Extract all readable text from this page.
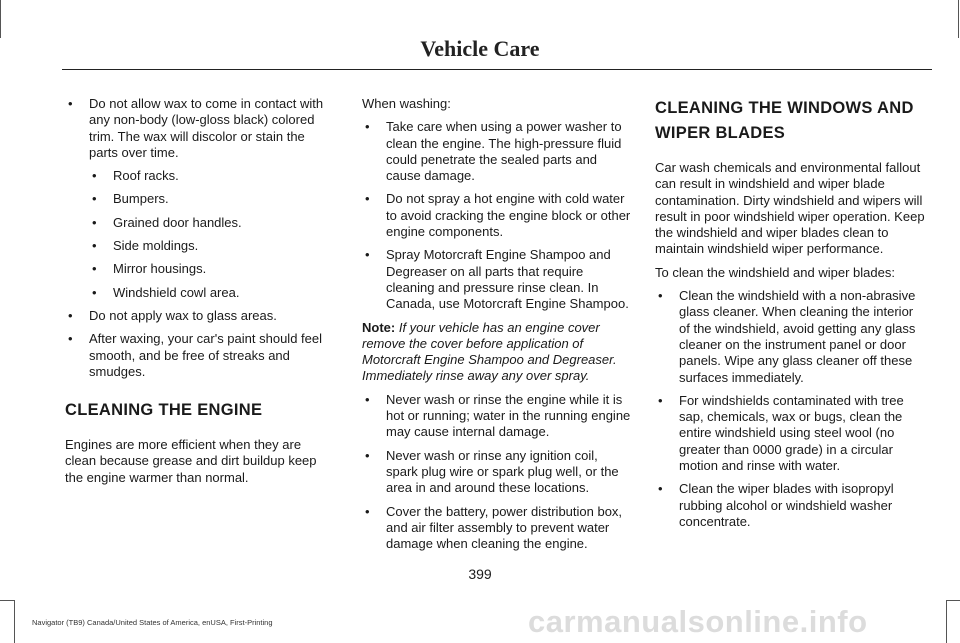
Vehicle Care
• Do not allow wax to come in contact with any non-body (low-gloss black) colored trim. The wax will discolor or stain the parts over time.
• Roof racks.
• Bumpers.
• Grained door handles.
• Side moldings.
• Mirror housings.
• Windshield cowl area.
• Do not apply wax to glass areas.
• After waxing, your car's paint should feel smooth, and be free of streaks and smudges.
CLEANING THE ENGINE

Engines are more efficient when they are clean because grease and dirt buildup keep the engine warmer than normal.

When washing:

• Take care when using a power washer to clean the engine. The high-pressure fluid could penetrate the sealed parts and cause damage.
• Do not spray a hot engine with cold water to avoid cracking the engine block or other engine components.
• Spray Motorcraft Engine Shampoo and Degreaser on all parts that require cleaning and pressure rinse clean. In Canada, use Motorcraft Engine Shampoo.

Note: If your vehicle has an engine cover remove the cover before application of Motorcraft Engine Shampoo and Degreaser. Immediately rinse away any over spray.

• Never wash or rinse the engine while it is hot or running; water in the running engine may cause internal damage.
• Never wash or rinse any ignition coil, spark plug wire or spark plug well, or the area in and around these locations.
• Cover the battery, power distribution box, and air filter assembly to prevent water damage when cleaning the engine.
CLEANING THE WINDOWS AND
WIPER BLADES

Car wash chemicals and environmental fallout can result in windshield and wiper blade contamination. Dirty windshield and wipers will result in poor windshield wiper operation. Keep the windshield and wiper blades clean to maintain windshield wiper performance.

To clean the windshield and wiper blades:

• Clean the windshield with a non-abrasive glass cleaner. When cleaning the interior of the windshield, avoid getting any glass cleaner on the instrument panel or door panels. Wipe any glass cleaner off these surfaces immediately.
• For windshields contaminated with tree sap, chemicals, wax or bugs, clean the entire windshield using steel wool (no greater than 0000 grade) in a circular motion and rinse with water.
• Clean the wiper blades with isopropyl rubbing alcohol or windshield washer concentrate.
399
Navigator (TB9) Canada/United States of America, enUSA, First-Printing	carmanualsonline.info
